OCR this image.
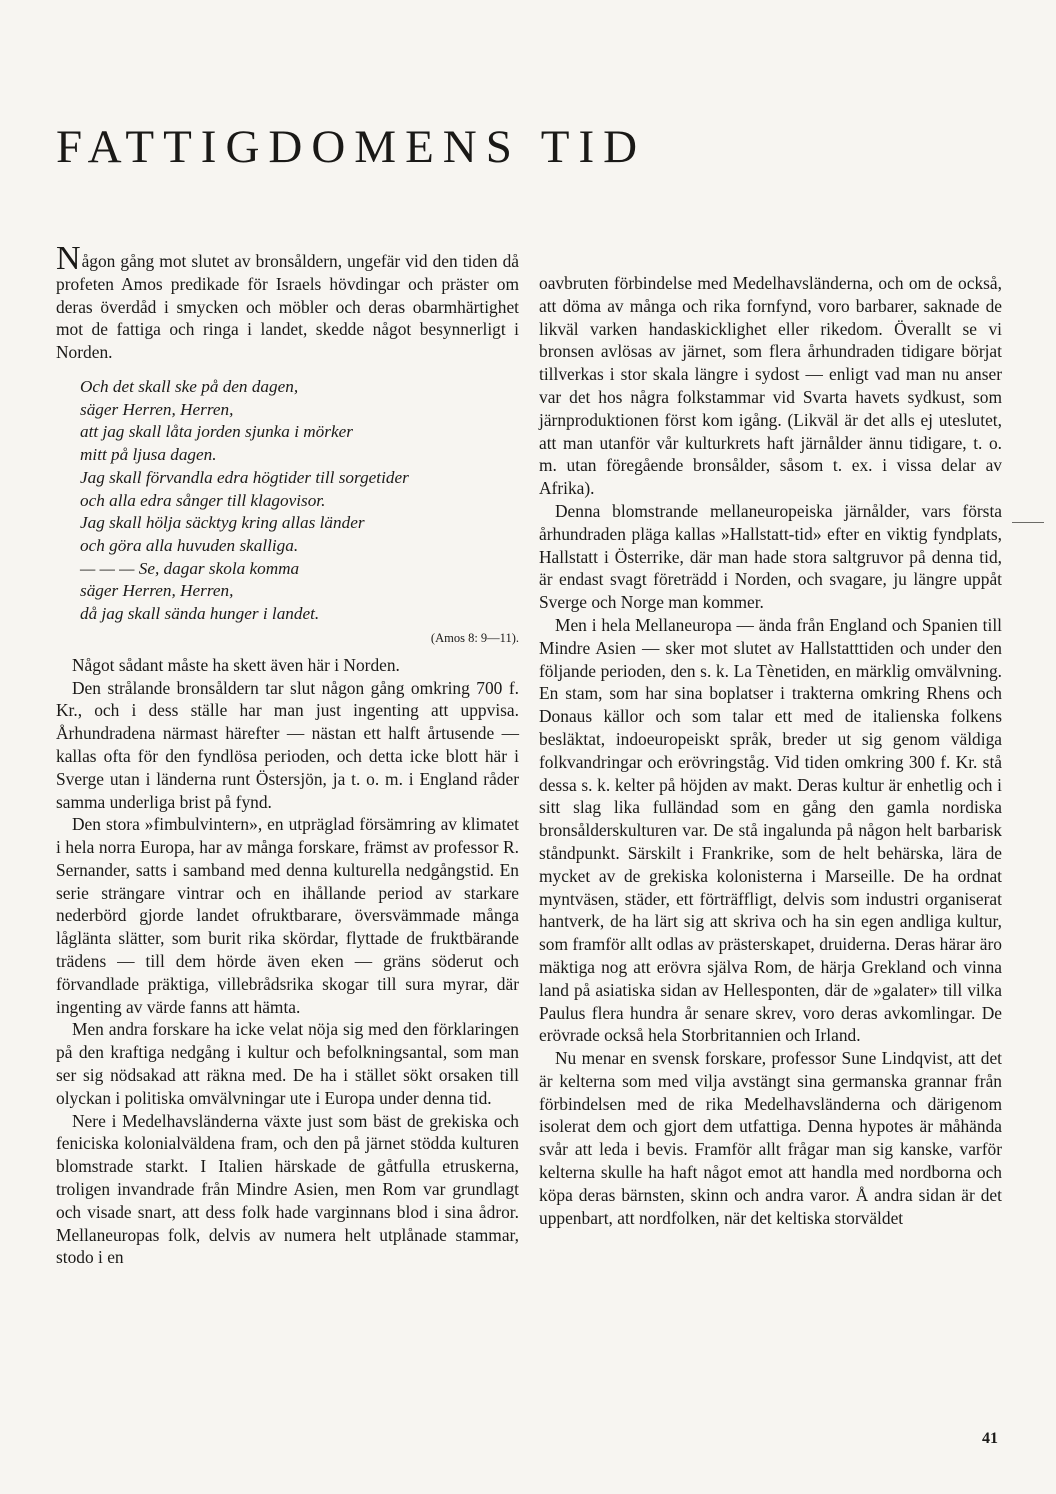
FATTIGDOMENS TID

Någon gång mot slutet av bronsåldern, ungefär vid den tiden då profeten Amos predikade för Israels hövdingar och präster om deras överdåd i smycken och möbler och deras obarmhärtighet mot de fattiga och ringa i landet, skedde något besynnerligt i Norden.

Och det skall ske på den dagen,
säger Herren, Herren,
att jag skall låta jorden sjunka i mörker
mitt på ljusa dagen.
Jag skall förvandla edra högtider till sorgetider
och alla edra sånger till klagovisor.
Jag skall hölja säcktyg kring allas länder
och göra alla huvuden skalliga.
— — — Se, dagar skola komma
säger Herren, Herren,
då jag skall sända hunger i landet.
(Amos 8: 9—11).

Något sådant måste ha skett även här i Norden.

Den strålande bronsåldern tar slut någon gång omkring 700 f. Kr., och i dess ställe har man just ingenting att uppvisa. Århundradena närmast härefter — nästan ett halft årtusende — kallas ofta för den fyndlösa perioden, och detta icke blott här i Sverge utan i länderna runt Östersjön, ja t. o. m. i England råder samma underliga brist på fynd.

Den stora »fimbulvintern», en utpräglad försämring av klimatet i hela norra Europa, har av många forskare, främst av professor R. Sernander, satts i samband med denna kulturella nedgångstid. En serie strängare vintrar och en ihållande period av starkare nederbörd gjorde landet ofruktbarare, översvämmade många låglänta slätter, som burit rika skördar, flyttade de fruktbärande trädens — till dem hörde även eken — gräns söderut och förvandlade präktiga, villebrådsrika skogar till sura myrar, där ingenting av värde fanns att hämta.

Men andra forskare ha icke velat nöja sig med den förklaringen på den kraftiga nedgång i kultur och befolkningsantal, som man ser sig nödsakad att räkna med. De ha i stället sökt orsaken till olyckan i politiska omvälvningar ute i Europa under denna tid.

Nere i Medelhavsländerna växte just som bäst de grekiska och feniciska kolonialväldena fram, och den på järnet stödda kulturen blomstrade starkt. I Italien härskade de gåtfulla etruskerna, troligen invandrade från Mindre Asien, men Rom var grundlagt och visade snart, att dess folk hade varginnans blod i sina ådror. Mellaneuropas folk, delvis av numera helt utplånade stammar, stodo i en

oavbruten förbindelse med Medelhavsländerna, och om de också, att döma av många och rika fornfynd, voro barbarer, saknade de likväl varken handaskicklighet eller rikedom. Överallt se vi bronsen avlösas av järnet, som flera århundraden tidigare börjat tillverkas i stor skala längre i sydost — enligt vad man nu anser var det hos några folkstammar vid Svarta havets sydkust, som järnproduktionen först kom igång. (Likväl är det alls ej uteslutet, att man utanför vår kulturkrets haft järnålder ännu tidigare, t. o. m. utan föregående bronsålder, såsom t. ex. i vissa delar av Afrika).

Denna blomstrande mellaneuropeiska järnålder, vars första århundraden pläga kallas »Hallstatt-tid» efter en viktig fyndplats, Hallstatt i Österrike, där man hade stora saltgruvor på denna tid, är endast svagt företrädd i Norden, och svagare, ju längre uppåt Sverge och Norge man kommer.

Men i hela Mellaneuropa — ända från England och Spanien till Mindre Asien — sker mot slutet av Hallstatttiden och under den följande perioden, den s. k. La Tènetiden, en märklig omvälvning. En stam, som har sina boplatser i trakterna omkring Rhens och Donaus källor och som talar ett med de italienska folkens besläktat, indoeuropeiskt språk, breder ut sig genom väldiga folkvandringar och erövringståg. Vid tiden omkring 300 f. Kr. stå dessa s. k. kelter på höjden av makt. Deras kultur är enhetlig och i sitt slag lika fulländad som en gång den gamla nordiska bronsålderskulturen var. De stå ingalunda på någon helt barbarisk ståndpunkt. Särskilt i Frankrike, som de helt behärska, lära de mycket av de grekiska kolonisterna i Marseille. De ha ordnat myntväsen, städer, ett förträffligt, delvis som industri organiserat hantverk, de ha lärt sig att skriva och ha sin egen andliga kultur, som framför allt odlas av prästerskapet, druiderna. Deras härar äro mäktiga nog att erövra själva Rom, de härja Grekland och vinna land på asiatiska sidan av Hellesponten, där de »galater» till vilka Paulus flera hundra år senare skrev, voro deras avkomlingar. De erövrade också hela Storbritannien och Irland.

Nu menar en svensk forskare, professor Sune Lindqvist, att det är kelterna som med vilja avstängt sina germanska grannar från förbindelsen med de rika Medelhavsländerna och därigenom isolerat dem och gjort dem utfattiga. Denna hypotes är måhända svår att leda i bevis. Framför allt frågar man sig kanske, varför kelterna skulle ha haft något emot att handla med nordborna och köpa deras bärnsten, skinn och andra varor. Å andra sidan är det uppenbart, att nordfolken, när det keltiska storväldet

41
